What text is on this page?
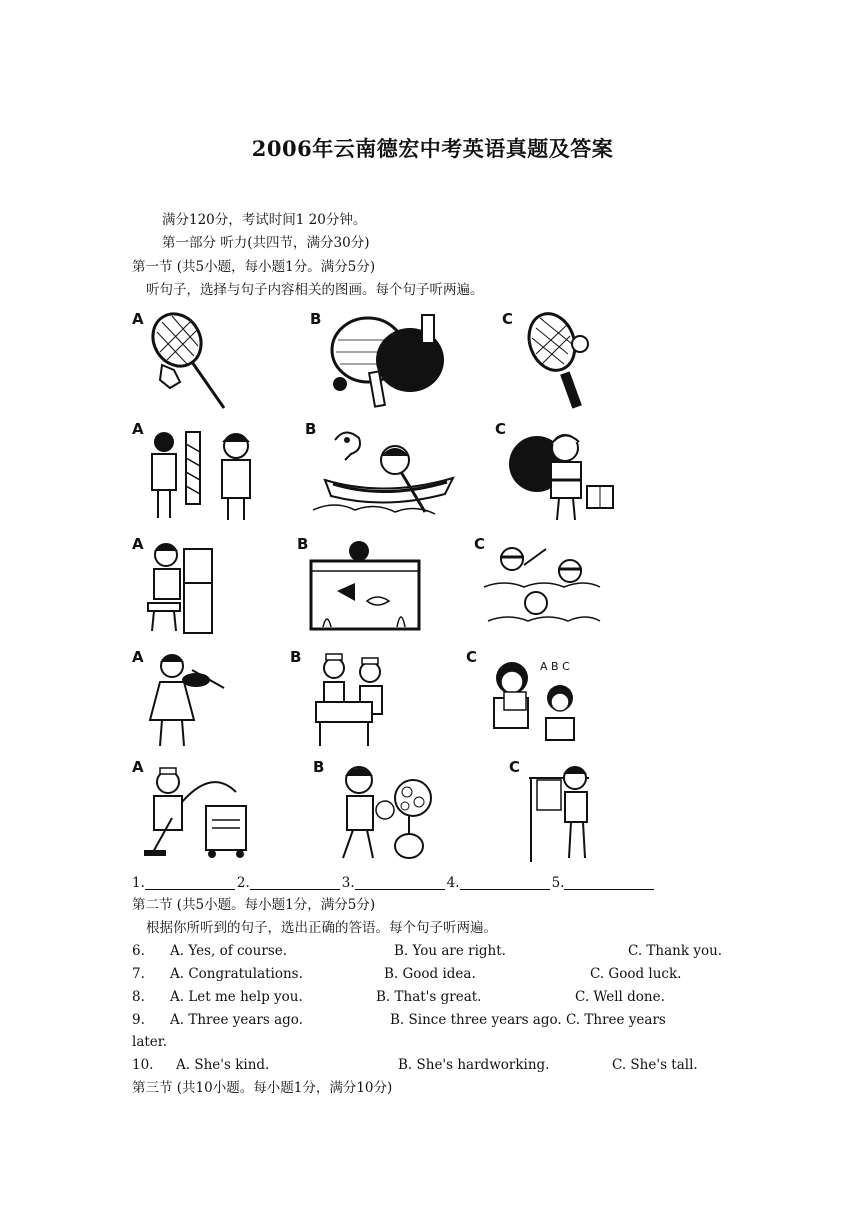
2006年云南德宏中考英语真题及答案
满分120分，考试时间1 20分钟。
第一部分 听力(共四节，满分30分)
第一节 (共5小题，每小题1分。满分5分)
听句子，选择与句子内容相关的图画。每个句子听两遍。
A	B	C
A	B	C
A	B	C
A	B	C
A B C
A	B	C
1.	2.	3.	4.	5.
第二节 (共5小题。每小题1分，满分5分)
根据你所听到的句子，选出正确的答语。每个句子听两遍。
6. A. Yes, of course.	B. You are right.	C. Thank you.
7. A. Congratulations.	B. Good idea.	C. Good luck.
8. A. Let me help you.	B. That's great.	C. Well done.
9. A. Three years ago.	B. Since three years ago. C. Three years
later.
10. A. She's kind.	B. She's hardworking.	C. She's tall.
第三节 (共10小题。每小题1分，满分10分)
